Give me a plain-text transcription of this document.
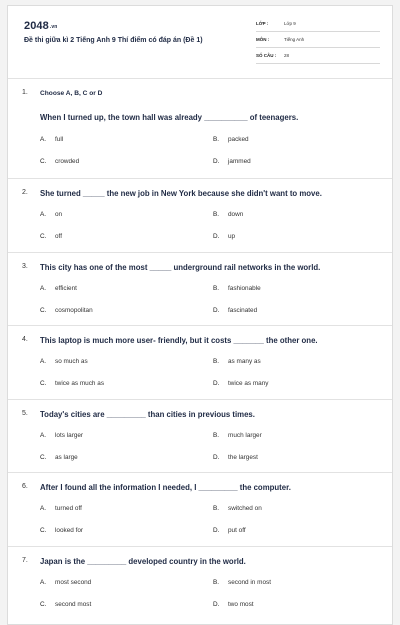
2048.vn
Đề thi giữa kì 2 Tiếng Anh 9 Thí điểm có đáp án (Đề 1)
LỚP :	Lớp 9
MÔN :	Tiếng Anh
SỐ CÂU : 28
1. Choose A, B, C or D
When I turned up, the town hall was already __________ of teenagers.
A. full	B. packed
C. crowded	D. jammed
2. She turned _____ the new job in New York because she didn't want to move.
A. on	B. down
C. off	D. up
3. This city has one of the most _____ underground rail networks in the world.
A. efficient	B. fashionable
C. cosmopolitan	D. fascinated
4. This laptop is much more user- friendly, but it costs _______ the other one.
A. so much as	B. as many as
C. twice as much as	D. twice as many
5. Today's cities are _________ than cities in previous times.
A. lots larger	B. much larger
C. as large	D. the largest
6. After I found all the information I needed, I _________ the computer.
A. turned off	B. switched on
C. looked for	D. put off
7. Japan is the _________ developed country in the world.
A. most second	B. second in most
C. second most	D. two most
